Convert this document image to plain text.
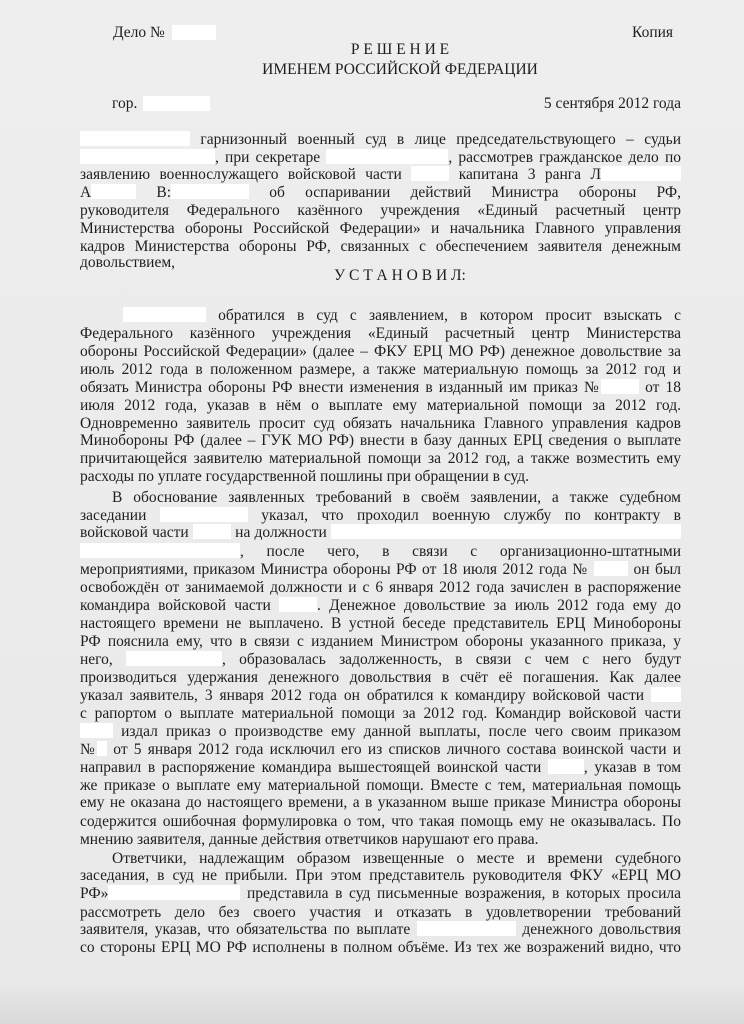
Дело №	Копия
Р Е Ш Е Н И Е
ИМЕНЕМ РОССИЙСКОЙ ФЕДЕРАЦИИ
гор.	5 сентября 2012 года
У С Т А Н О В И Л:
гарнизонный военный суд в лице председательствующего – судьи
, при секретаре	, рассмотрев гражданское дело по
заявлению военнослужащего войсковой части  капитана 3 ранга Л
А	В:	об оспаривании действий Министра обороны РФ,
руководителя Федерального казённого учреждения «Единый расчетный центр
Министерства обороны Российской Федерации» и начальника Главного управления
кадров Министерства обороны РФ, связанных с обеспечением заявителя денежным
довольствием,
обратился в суд с заявлением, в котором просит взыскать с
Федерального казённого учреждения «Единый расчетный центр Министерства
обороны Российской Федерации» (далее – ФКУ ЕРЦ МО РФ) денежное довольствие за
июль 2012 года в положенном размере, а также материальную помощь за 2012 год и
обязать Министра обороны РФ внести изменения в изданный им приказ № от 18
июля 2012 года, указав в нём о выплате ему материальной помощи за 2012 год.
Одновременно заявитель просит суд обязать начальника Главного управления кадров
Минобороны РФ (далее – ГУК МО РФ) внести в базу данных ЕРЦ сведения о выплате
причитающейся заявителю материальной помощи за 2012 год, а также возместить ему
расходы по уплате государственной пошлины при обращении в суд.
В обоснование заявленных требований в своём заявлении, а также судебном
заседании	указал, что проходил военную службу по контракту в
войсковой части  на должности
, после чего, в связи с организационно-штатными
мероприятиями, приказом Министра обороны РФ от 18 июля 2012 года №  он был
освобождён от занимаемой должности и с 6 января 2012 года зачислен в распоряжение
командира войсковой части . Денежное довольствие за июль 2012 года ему до
настоящего времени не выплачено. В устной беседе представитель ЕРЦ Минобороны
РФ пояснила ему, что в связи с изданием Министром обороны указанного приказа, у
него,	, образовалась задолженность, в связи с чем с него будут
производиться удержания денежного довольствия в счёт её погашения. Как далее
указал заявитель, 3 января 2012 года он обратился к командиру войсковой части
с рапортом о выплате материальной помощи за 2012 год. Командир войсковой части
издал приказ о производстве ему данной выплаты, после чего своим приказом
№ от 5 января 2012 года исключил его из списков личного состава воинской части и
направил в распоряжение командира вышестоящей воинской части , указав в том
же приказе о выплате ему материальной помощи. Вместе с тем, материальная помощь
ему не оказана до настоящего времени, а в указанном выше приказе Министра обороны
содержится ошибочная формулировка о том, что такая помощь ему не оказывалась. По
мнению заявителя, данные действия ответчиков нарушают его права.
Ответчики, надлежащим образом извещенные о месте и времени судебного
заседания, в суд не прибыли. При этом представитель руководителя ФКУ «ЕРЦ МО
РФ»	представила в суд письменные возражения, в которых просила
рассмотреть дело без своего участия и отказать в удовлетворении требований
заявителя, указав, что обязательства по выплате	денежного довольствия
со стороны ЕРЦ МО РФ исполнены в полном объёме. Из тех же возражений видно, что
